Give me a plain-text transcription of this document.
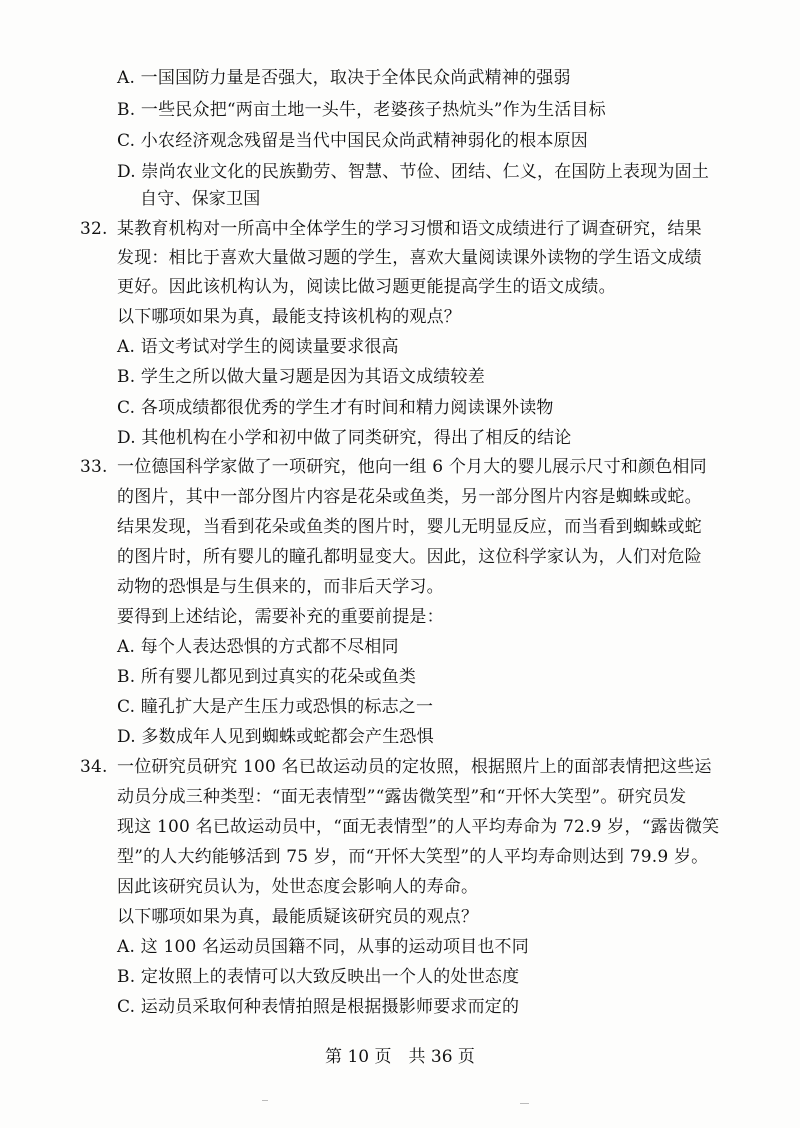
A. 一国国防力量是否强大，取决于全体民众尚武精神的强弱
B. 一些民众把“两亩土地一头牛，老婆孩子热炕头”作为生活目标
C. 小农经济观念残留是当代中国民众尚武精神弱化的根本原因
D. 崇尚农业文化的民族勤劳、智慧、节俭、团结、仁义，在国防上表现为固土
自守、保家卫国
32. 某教育机构对一所高中全体学生的学习习惯和语文成绩进行了调查研究，结果
发现：相比于喜欢大量做习题的学生，喜欢大量阅读课外读物的学生语文成绩
更好。因此该机构认为，阅读比做习题更能提高学生的语文成绩。
以下哪项如果为真，最能支持该机构的观点？
A. 语文考试对学生的阅读量要求很高
B. 学生之所以做大量习题是因为其语文成绩较差
C. 各项成绩都很优秀的学生才有时间和精力阅读课外读物
D. 其他机构在小学和初中做了同类研究，得出了相反的结论
33. 一位德国科学家做了一项研究，他向一组 6 个月大的婴儿展示尺寸和颜色相同
的图片，其中一部分图片内容是花朵或鱼类，另一部分图片内容是蜘蛛或蛇。
结果发现，当看到花朵或鱼类的图片时，婴儿无明显反应，而当看到蜘蛛或蛇
的图片时，所有婴儿的瞳孔都明显变大。因此，这位科学家认为，人们对危险
动物的恐惧是与生俱来的，而非后天学习。
要得到上述结论，需要补充的重要前提是：
A. 每个人表达恐惧的方式都不尽相同
B. 所有婴儿都见到过真实的花朵或鱼类
C. 瞳孔扩大是产生压力或恐惧的标志之一
D. 多数成年人见到蜘蛛或蛇都会产生恐惧
34. 一位研究员研究 100 名已故运动员的定妆照，根据照片上的面部表情把这些运
动员分成三种类型：“面无表情型”“露齿微笑型”和“开怀大笑型”。研究员发
现这 100 名已故运动员中，“面无表情型”的人平均寿命为 72.9 岁，“露齿微笑
型”的人大约能够活到 75 岁，而“开怀大笑型”的人平均寿命则达到 79.9 岁。
因此该研究员认为，处世态度会影响人的寿命。
以下哪项如果为真，最能质疑该研究员的观点？
A. 这 100 名运动员国籍不同，从事的运动项目也不同
B. 定妆照上的表情可以大致反映出一个人的处世态度
C. 运动员采取何种表情拍照是根据摄影师要求而定的
第 10 页　共 36 页
